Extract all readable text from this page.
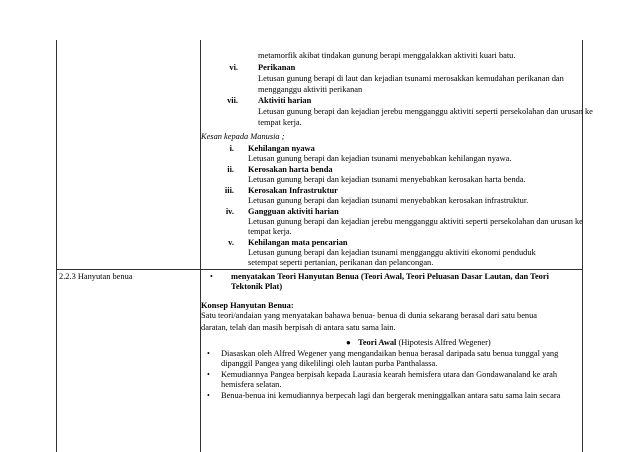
metamorfik akibat tindakan gunung berapi menggalakkan aktiviti kuari batu.
vi. Perikanan
Letusan gunung berapi di laut dan kejadian tsunami merosakkan kemudahan perikanan dan
mengganggu aktiviti perikanan
vii. Aktiviti harian
Letusan gunung berapi dan kejadian jerebu mengganggu aktiviti seperti persekolahan dan urusan ke
tempat kerja.
Kesan kepada Manusia ;
i. Kehilangan nyawa
Letusan gunung berapi dan kejadian tsunami menyebabkan kehilangan nyawa.
ii. Kerosakan harta benda
Letusan gunung berapi dan kejadian tsunami menyebabkan kerosakan harta benda.
iii. Kerosakan Infrastruktur
Letusan gunung berapi dan kejadian tsunami menyebabkan kerosakan infrastruktur.
iv. Gangguan aktiviti harian
Letusan gunung berapi dan kejadian jerebu mengganggu aktiviti seperti persekolahan dan urusan ke
tempat kerja.
v. Kehilangan mata pencarian
Letusan gunung berapi dan kejadian tsunami mengganggu aktiviti ekonomi penduduk
setempat seperti pertanian, perikanan dan pelancongan.
2.2.3 Hanyutan benua	• menyatakan Teori Hanyutan Benua (Teori Awal, Teori Peluasan Dasar Lautan, dan Teori
Tektonik Plat)
Konsep Hanyutan Benua:
Satu teori/andaian yang menyatakan bahawa benua- benua di dunia sekarang berasal dari satu benua
daratan, telah dan masih berpisah di antara satu sama lain.
● Teori Awal (Hipotesis Alfred Wegener)
• Diasaskan oleh Alfred Wegener yang mengandaikan benua berasal daripada satu benua tunggal yang
dipanggil Pangea yang dikelilingi oleh lautan purba Panthalassa.
• Kemudiannya Pangea berpisah kepada Laurasia kearah hemisfera utara dan Gondawanaland ke arah
hemisfera selatan.
• Benua-benua ini kemudiannya berpecah lagi dan bergerak meninggalkan antara satu sama lain secara
